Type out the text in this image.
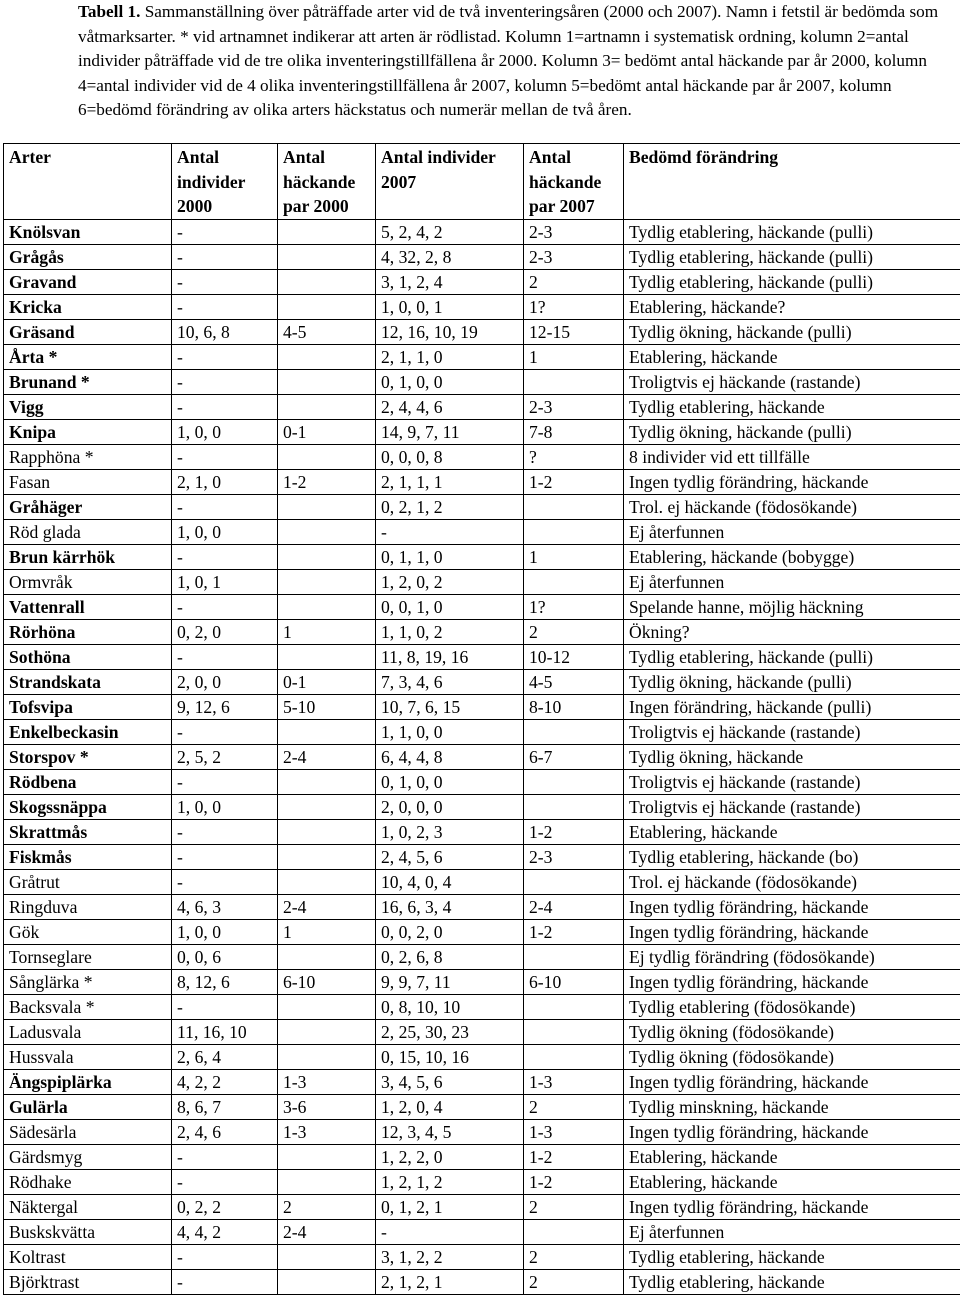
Tabell 1. Sammanställning över påträffade arter vid de två inventeringsåren (2000 och 2007). Namn i fetstil är bedömda som våtmarksarter. * vid artnamnet indikerar att arten är rödlistad. Kolumn 1=artnamn i systematisk ordning, kolumn 2=antal individer påträffade vid de tre olika inventeringstillfällena år 2000. Kolumn 3= bedömt antal häckande par år 2000, kolumn 4=antal individer vid de 4 olika inventeringstillfällena år 2007, kolumn 5=bedömt antal häckande par år 2007, kolumn 6=bedömd förändring av olika arters häckstatus och numerär mellan de två åren.
Arter	Antal individer 2000	Antal häckande par 2000	Antal individer 2007	Antal häckande par 2007	Bedömd förändring
Knölsvan	-		5, 2, 4, 2	2-3	Tydlig etablering, häckande (pulli)
Grågås	-		4, 32, 2, 8	2-3	Tydlig etablering, häckande (pulli)
Gravand	-		3, 1, 2, 4	2	Tydlig etablering, häckande (pulli)
Kricka	-		1, 0, 0, 1	1?	Etablering, häckande?
Gräsand	10, 6, 8	4-5	12, 16, 10, 19	12-15	Tydlig ökning, häckande (pulli)
Årta *	-		2, 1, 1, 0	1	Etablering, häckande
Brunand *	-		0, 1, 0, 0		Troligtvis ej häckande (rastande)
Vigg	-		2, 4, 4, 6	2-3	Tydlig etablering, häckande
Knipa	1, 0, 0	0-1	14, 9, 7, 11	7-8	Tydlig ökning, häckande (pulli)
Rapphöna *	-		0, 0, 0, 8	?	8 individer vid ett tillfälle
Fasan	2, 1, 0	1-2	2, 1, 1, 1	1-2	Ingen tydlig förändring, häckande
Gråhäger	-		0, 2, 1, 2		Trol. ej häckande (födosökande)
Röd glada	1, 0, 0		-		Ej återfunnen
Brun kärrhök	-		0, 1, 1, 0	1	Etablering, häckande (bobygge)
Ormvråk	1, 0, 1		1, 2, 0, 2		Ej återfunnen
Vattenrall	-		0, 0, 1, 0	1?	Spelande hanne, möjlig häckning
Rörhöna	0, 2, 0	1	1, 1, 0, 2	2	Ökning?
Sothöna	-		11, 8, 19, 16	10-12	Tydlig etablering, häckande (pulli)
Strandskata	2, 0, 0	0-1	7, 3, 4, 6	4-5	Tydlig ökning, häckande (pulli)
Tofsvipa	9, 12, 6	5-10	10, 7, 6, 15	8-10	Ingen förändring, häckande (pulli)
Enkelbeckasin	-		1, 1, 0, 0		Troligtvis ej häckande (rastande)
Storspov *	2, 5, 2	2-4	6, 4, 4, 8	6-7	Tydlig ökning, häckande
Rödbena	-		0, 1, 0, 0		Troligtvis ej häckande (rastande)
Skogssnäppa	1, 0, 0		2, 0, 0, 0		Troligtvis ej häckande (rastande)
Skrattmås	-		1, 0, 2, 3	1-2	Etablering, häckande
Fiskmås	-		2, 4, 5, 6	2-3	Tydlig etablering, häckande (bo)
Gråtrut	-		10, 4, 0, 4		Trol. ej häckande (födosökande)
Ringduva	4, 6, 3	2-4	16, 6, 3, 4	2-4	Ingen tydlig förändring, häckande
Gök	1, 0, 0	1	0, 0, 2, 0	1-2	Ingen tydlig förändring, häckande
Tornseglare	0, 0, 6		0, 2, 6, 8		Ej tydlig förändring (födosökande)
Sånglärka *	8, 12, 6	6-10	9, 9, 7, 11	6-10	Ingen tydlig förändring, häckande
Backsvala *	-		0, 8, 10, 10		Tydlig etablering (födosökande)
Ladusvala	11, 16, 10		2, 25, 30, 23		Tydlig ökning (födosökande)
Hussvala	2, 6, 4		0, 15, 10, 16		Tydlig ökning (födosökande)
Ängspiplärka	4, 2, 2	1-3	3, 4, 5, 6	1-3	Ingen tydlig förändring, häckande
Gulärla	8, 6, 7	3-6	1, 2, 0, 4	2	Tydlig minskning, häckande
Sädesärla	2, 4, 6	1-3	12, 3, 4, 5	1-3	Ingen tydlig förändring, häckande
Gärdsmyg	-		1, 2, 2, 0	1-2	Etablering, häckande
Rödhake	-		1, 2, 1, 2	1-2	Etablering, häckande
Näktergal	0, 2, 2	2	0, 1, 2, 1	2	Ingen tydlig förändring, häckande
Buskskvätta	4, 4, 2	2-4	-		Ej återfunnen
Koltrast	-		3, 1, 2, 2	2	Tydlig etablering, häckande
Björktrast	-		2, 1, 2, 1	2	Tydlig etablering, häckande
